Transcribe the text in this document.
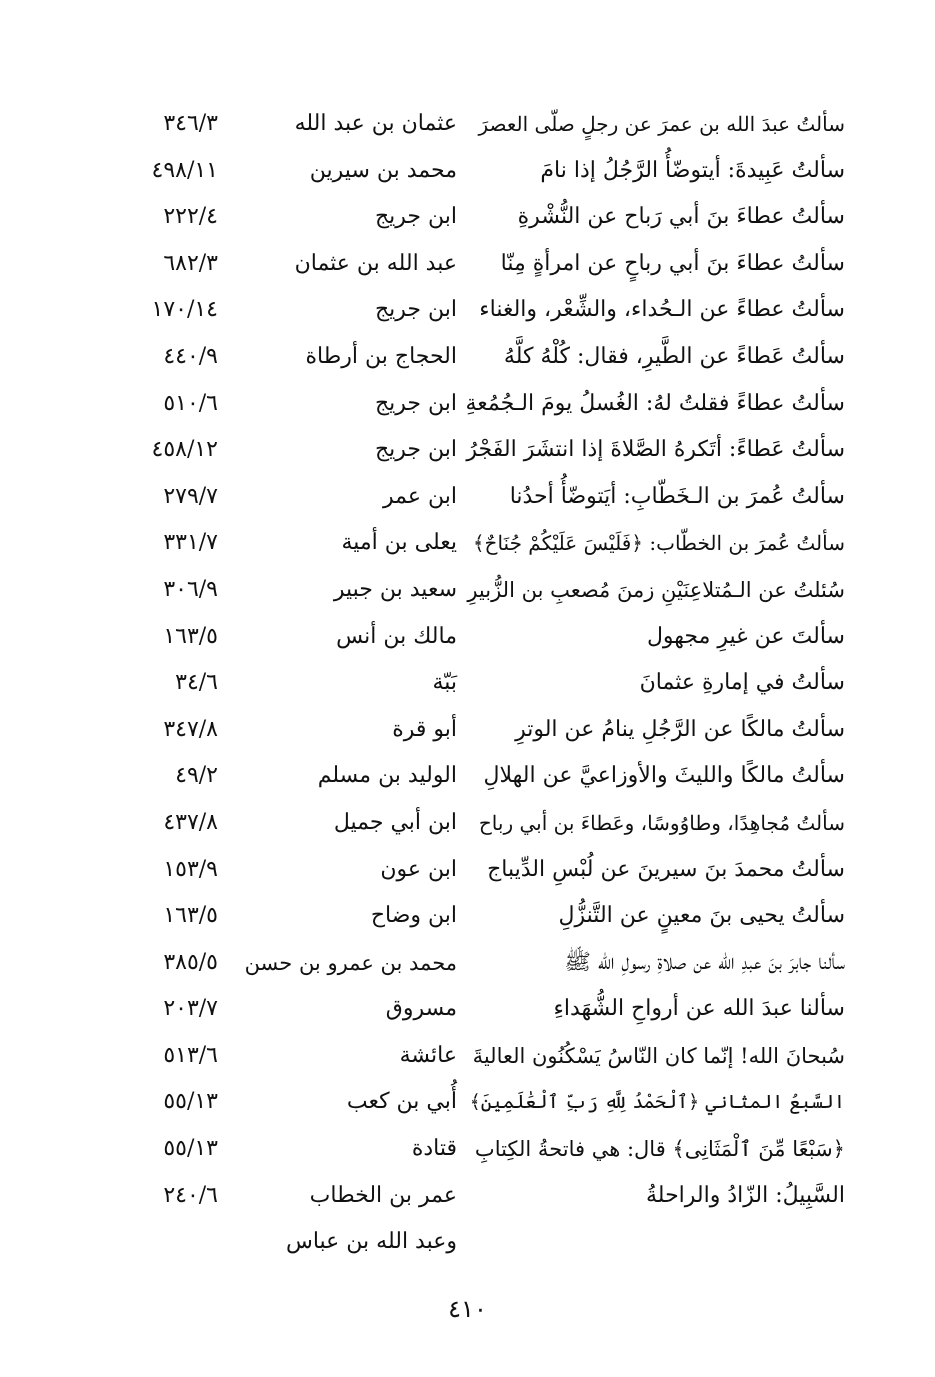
سألتُ عبدَ الله بن عمرَ عن رجلٍ صلّى العصرَ
عثمان بن عبد الله
٣٤٦/٣
سألتُ عَبِيدةَ: أيتوضّأُ الرَّجُلُ إذا نامَ
محمد بن سيرين
٤٩٨/١١
سألتُ عطاءَ بنَ أبي رَباح عن النُّشْرةِ
ابن جريج
٢٢٢/٤
سألتُ عطاءَ بنَ أبي رباحٍ عن امرأةٍ مِنّا
عبد الله بن عثمان
٦٨٢/٣
سألتُ عطاءً عن الـحُداء، والشِّعْر، والغناء
ابن جريج
١٧٠/١٤
سألتُ عَطاءً عن الطَّيرِ، فقال: كُلْهُ كلَّهُ
الحجاج بن أرطاة
٤٤٠/٩
سألتُ عطاءً فقلتُ لهُ: الغُسلُ يومَ الـجُمُعةِ
ابن جريج
٥١٠/٦
سألتُ عَطاءً: أتَكرهُ الصَّلاةَ إذا انتشَرَ الفَجْرُ
ابن جريج
٤٥٨/١٢
سألتُ عُمرَ بن الـخَطّابِ: أيَتوضّأُ أحدُنا
ابن عمر
٢٧٩/٧
سألتُ عُمرَ بن الخطّاب: ﴿فَلَيْسَ عَلَيْكُمْ جُنَاحٌ﴾
يعلى بن أمية
٣٣١/٧
سُئلتُ عن الـمُتلاعِنَيْنِ زمنَ مُصعبِ بن الزُّبيرِ
سعيد بن جبير
٣٠٦/٩
سألتَ عن غيرِ مجهول
مالك بن أنس
١٦٣/٥
سألتُ في إمارةِ عثمانَ
بَبّة
٣٤/٦
سألتُ مالكًا عن الرَّجُلِ ينامُ عن الوترِ
أبو قرة
٣٤٧/٨
سألتُ مالكًا والليثَ والأوزاعيَّ عن الهلالِ
الوليد بن مسلم
٤٩/٢
سألتُ مُجاهِدًا، وطاوُوسًا، وعَطاءَ بن أبي رباح
ابن أبي جميل
٤٣٧/٨
سألتُ محمدَ بنَ سيرينَ عن لُبْسِ الدِّيباج
ابن عون
١٥٣/٩
سألتُ يحيى بنَ معينٍ عن التَّنزُّلِ
ابن وضاح
١٦٣/٥
سألنا جابرَ بنَ عبدِ الله عن صلاةِ رسولِ الله ﷺ
محمد بن عمرو بن حسن
٣٨٥/٥
سألنا عبدَ الله عن أرواحِ الشُّهَداءِ
مسروق
٢٠٣/٧
سُبحانَ الله! إنّما كان النّاسُ يَسْكُنُون العاليةَ
عائشة
٥١٣/٦
السَّبعُ المثاني ﴿ٱلْحَمْدُ لِلَّهِ رَبِّ ٱلْعَٰلَمِينَ﴾
أُبي بن كعب
٥٥/١٣
﴿سَبْعًا مِّنَ ٱلْمَثَانِى﴾ قال: هي فاتحةُ الكِتابِ
قتادة
٥٥/١٣
السَّبِيلُ: الزّادُ والراحلةُ
عمر بن الخطاب
٢٤٠/٦
وعبد الله بن عباس
٤١٠
